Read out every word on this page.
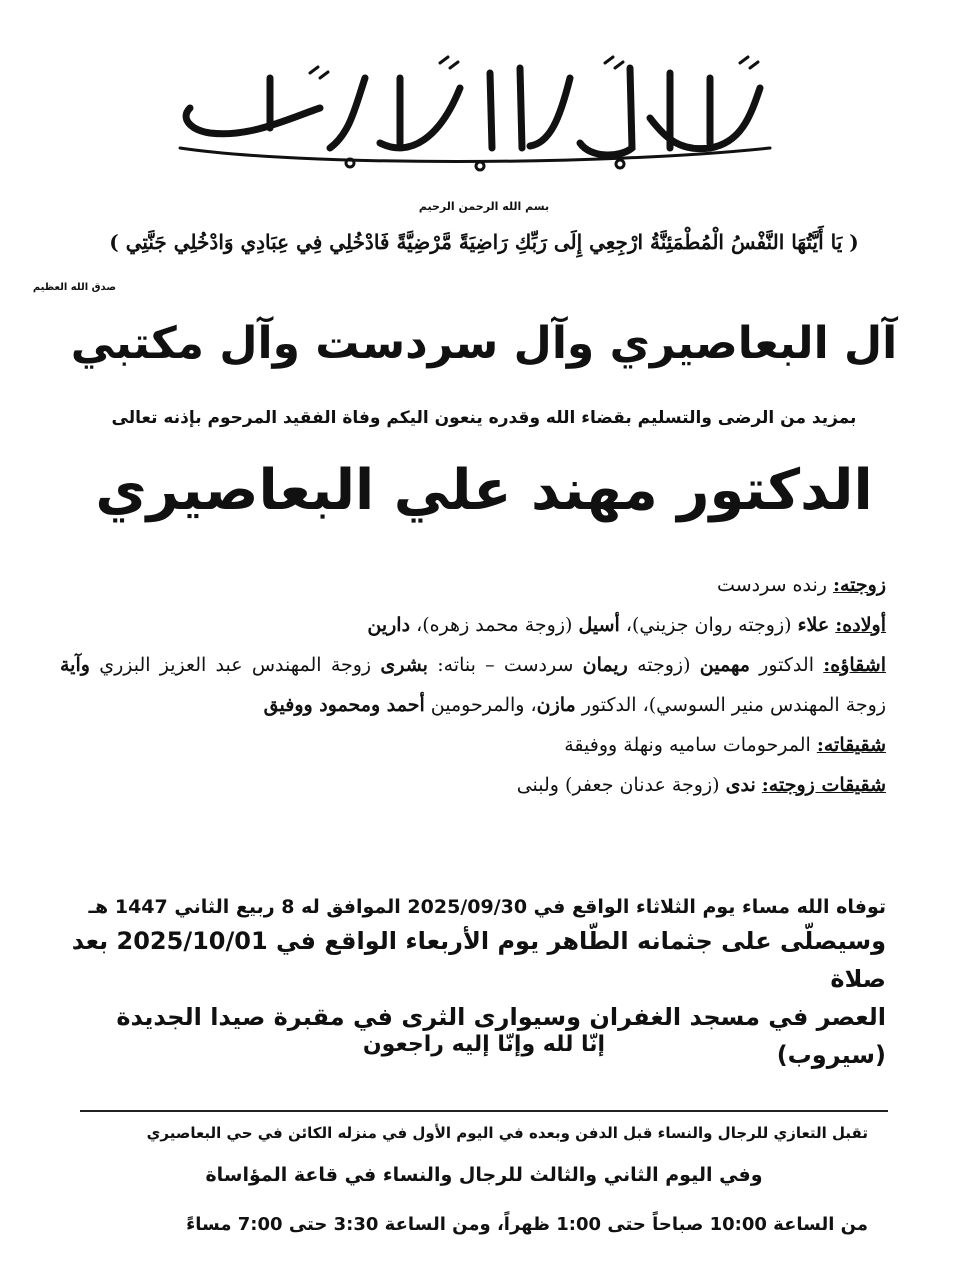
بسم الله الرحمن الرحيم
( يَا أَيَّتُهَا النَّفْسُ الْمُطْمَئِنَّةُ ارْجِعِي إِلَى رَبِّكِ رَاضِيَةً مَّرْضِيَّةً فَادْخُلِي فِي عِبَادِي وَادْخُلِي جَنَّتِي )
صدق الله العظيم
آل البعاصيري وآل سردست وآل مكتبي
بمزيد من الرضى والتسليم بقضاء الله وقدره ينعون اليكم وفاة الفقيد المرحوم بإذنه تعالى
الدكتور مهند علي البعاصيري
زوجته: رنده سردست
أولاده: علاء (زوجته روان جزيني)، أسيل (زوجة محمد زهره)، دارين
اشقاؤه: الدكتور مهمين (زوجته ريمان سردست – بناته: بشرى زوجة المهندس عبد العزيز البزري وآية زوجة المهندس منير السوسي)، الدكتور مازن، والمرحومين أحمد ومحمود ووفيق
شقيقاته: المرحومات ساميه ونهلة ووفيقة
شقيقات زوجته: ندى (زوجة عدنان جعفر) ولبنى
توفاه الله مساء يوم الثلاثاء الواقع في 2025/09/30 الموافق له 8 ربيع الثاني 1447 هـ
وسيصلّى على جثمانه الطّاهر يوم الأربعاء الواقع في 2025/10/01 بعد صلاة
العصر في مسجد الغفران وسيوارى الثرى في مقبرة صيدا الجديدة (سيروب)
إنّا لله وإنّا إليه راجعون
تقبل التعازي للرجال والنساء قبل الدفن وبعده في اليوم الأول في منزله الكائن في حي البعاصيري
وفي اليوم الثاني والثالث للرجال والنساء في قاعة المؤاساة
من الساعة 10:00 صباحاً حتى 1:00 ظهراً، ومن الساعة 3:30 حتى 7:00 مساءً
